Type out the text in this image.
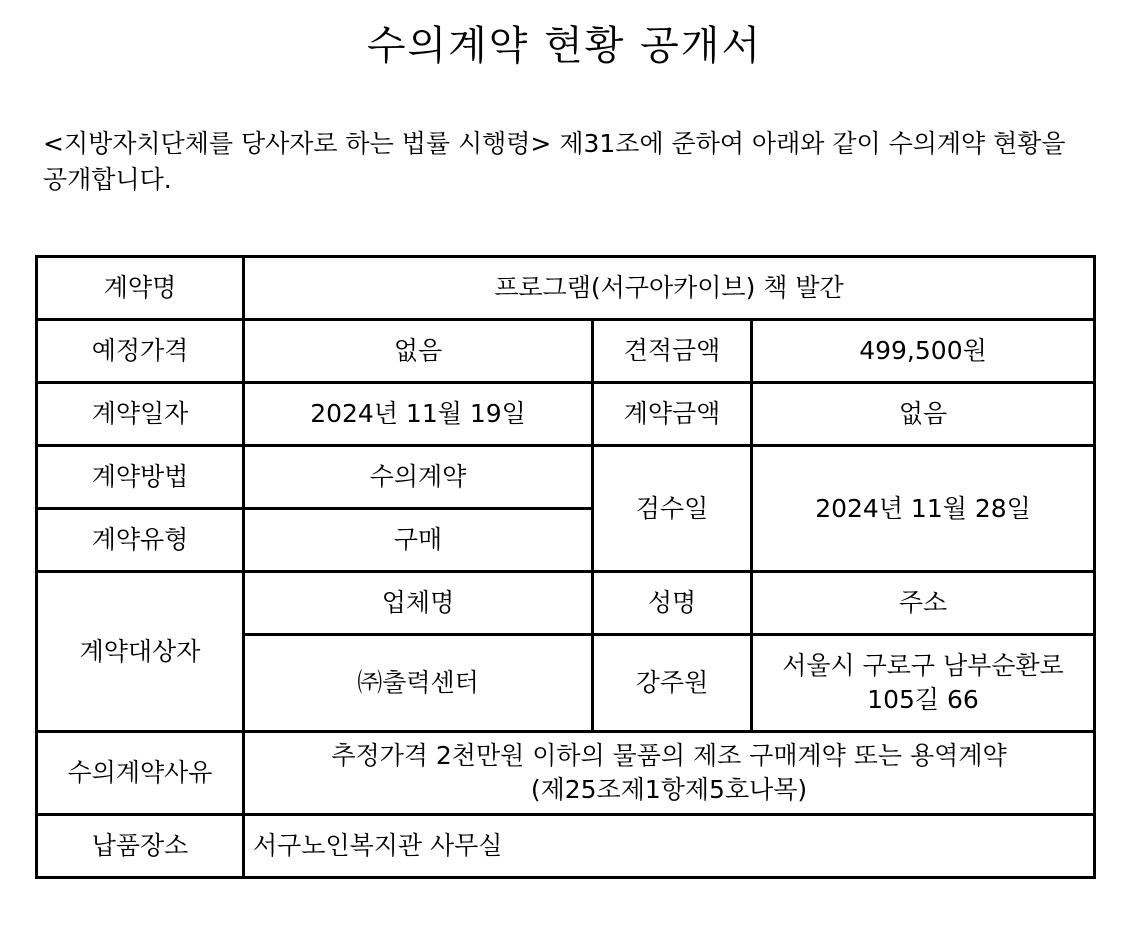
수의계약 현황 공개서

<지방자치단체를 당사자로 하는 법률 시행령> 제31조에 준하여 아래와 같이 수의계약 현황을 공개합니다.

계약명	프로그램(서구아카이브) 책 발간		
예정가격	없음	견적금액	499,500원
계약일자	2024년 11월 19일	계약금액	없음
계약방법	수의계약	검수일	2024년 11월 28일
계약유형	구매		
계약대상자	업체명	성명	주소
	㈜출력센터	강주원	서울시 구로구 남부순환로
105길 66

수의계약사유	추정가격 2천만원 이하의 물품의 제조 구매계약 또는 용역계약
(제25조제1항제5호나목)		

납품장소	서구노인복지관 사무실		
